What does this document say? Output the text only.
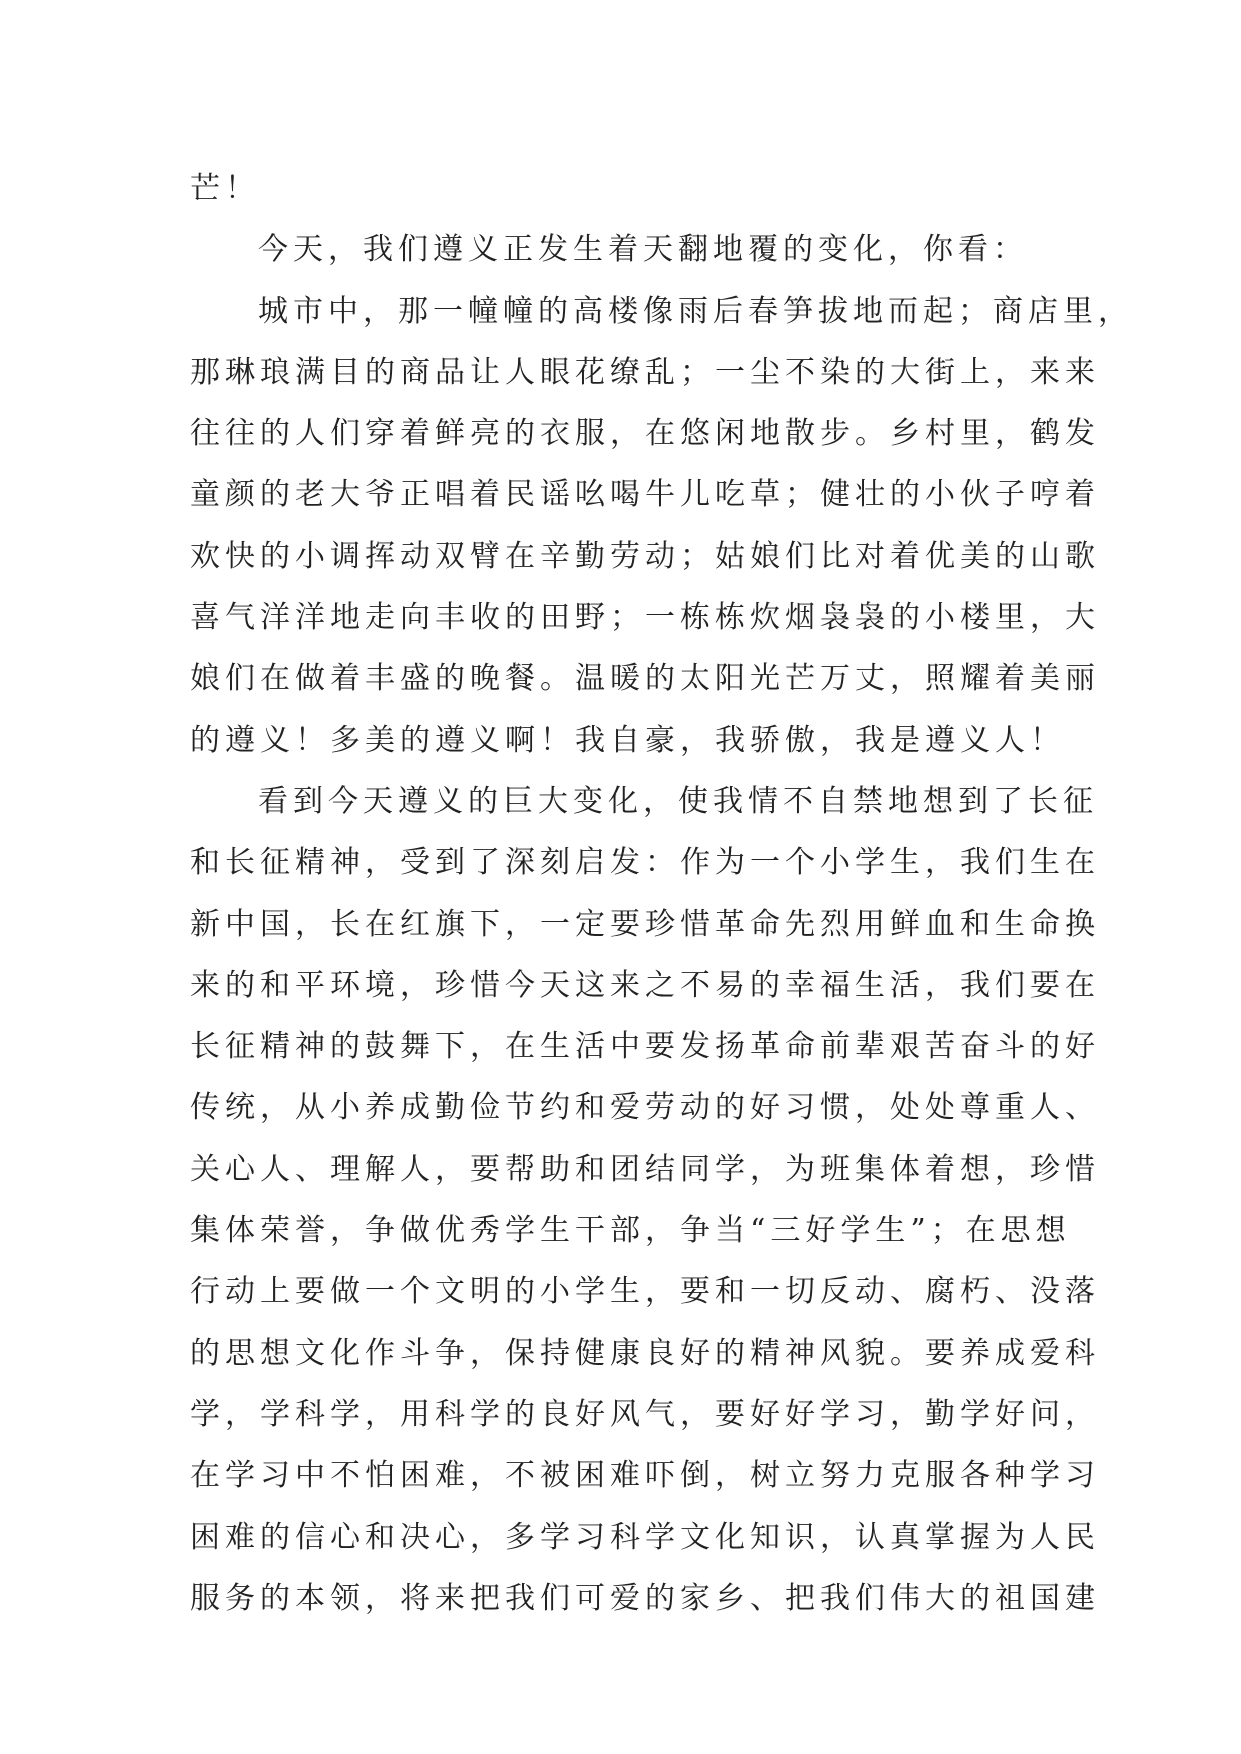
芒！
今天，我们遵义正发生着天翻地覆的变化，你看：
城市中，那一幢幢的高楼像雨后春笋拔地而起；商店里，
那琳琅满目的商品让人眼花缭乱；一尘不染的大街上，来来
往往的人们穿着鲜亮的衣服，在悠闲地散步。乡村里，鹤发
童颜的老大爷正唱着民谣吆喝牛儿吃草；健壮的小伙子哼着
欢快的小调挥动双臂在辛勤劳动；姑娘们比对着优美的山歌
喜气洋洋地走向丰收的田野；一栋栋炊烟袅袅的小楼里，大
娘们在做着丰盛的晚餐。温暖的太阳光芒万丈，照耀着美丽
的遵义！多美的遵义啊！我自豪，我骄傲，我是遵义人！
看到今天遵义的巨大变化，使我情不自禁地想到了长征
和长征精神，受到了深刻启发：作为一个小学生，我们生在
新中国，长在红旗下，一定要珍惜革命先烈用鲜血和生命换
来的和平环境，珍惜今天这来之不易的幸福生活，我们要在
长征精神的鼓舞下，在生活中要发扬革命前辈艰苦奋斗的好
传统，从小养成勤俭节约和爱劳动的好习惯，处处尊重人、
关心人、理解人，要帮助和团结同学，为班集体着想，珍惜
集体荣誉，争做优秀学生干部，争当“三好学生”；在思想
行动上要做一个文明的小学生，要和一切反动、腐朽、没落
的思想文化作斗争，保持健康良好的精神风貌。要养成爱科
学，学科学，用科学的良好风气，要好好学习，勤学好问，
在学习中不怕困难，不被困难吓倒，树立努力克服各种学习
困难的信心和决心，多学习科学文化知识，认真掌握为人民
服务的本领，将来把我们可爱的家乡、把我们伟大的祖国建
